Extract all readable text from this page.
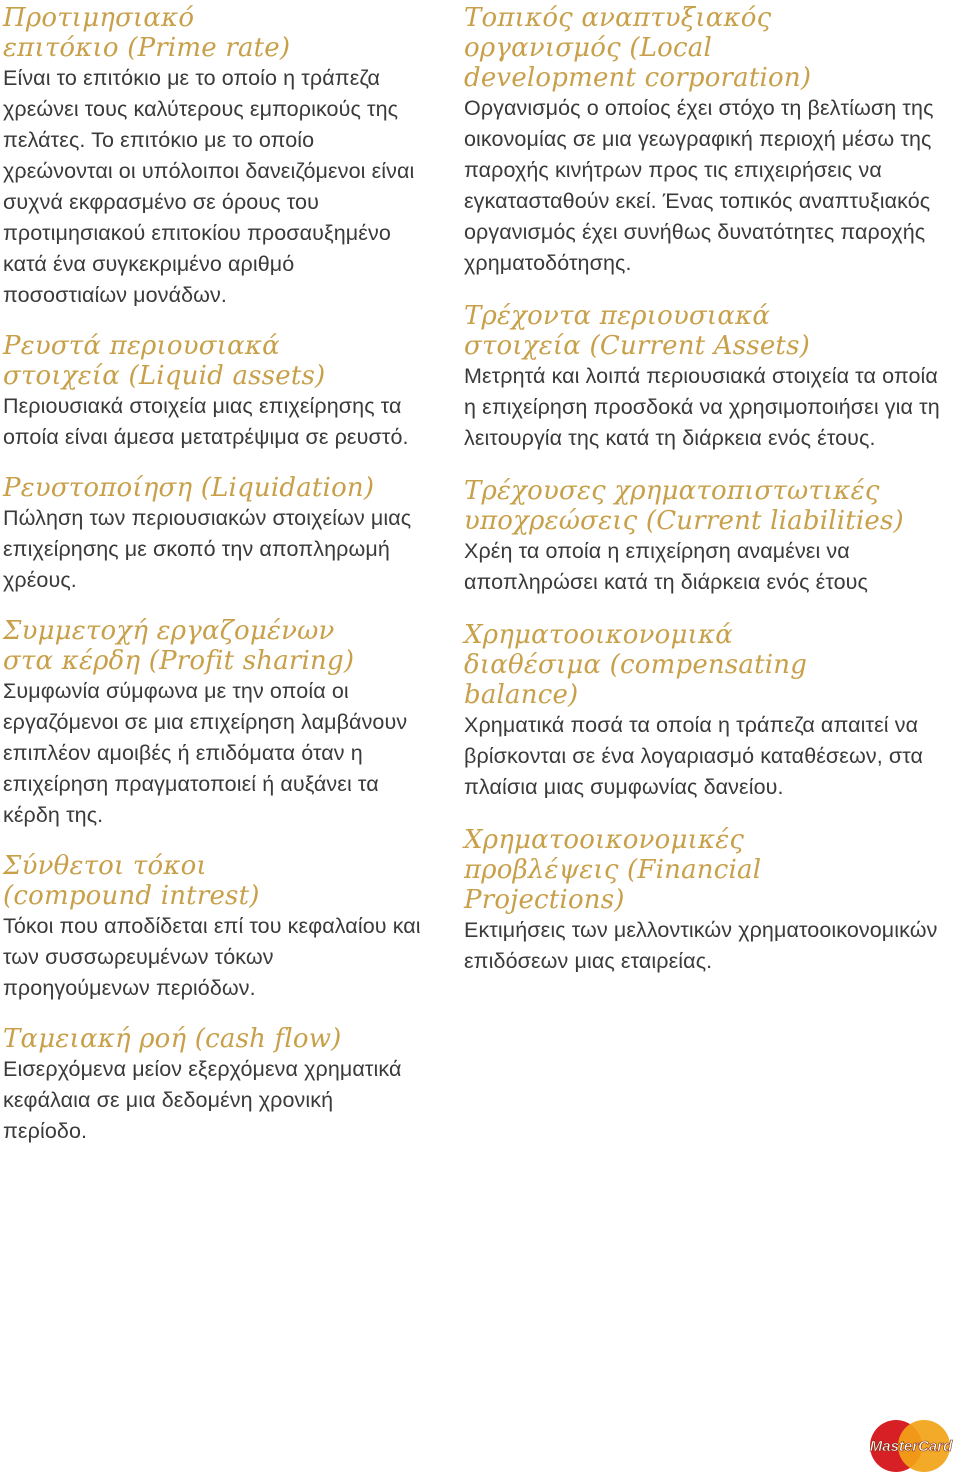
Προτιμησιακό επιτόκιο (Prime rate)

Είναι το επιτόκιο με το οποίο η τράπεζα χρεώνει τους καλύτερους εμπορικούς της πελάτες. Το επιτόκιο με το οποίο χρεώνονται οι υπόλοιποι δανειζόμενοι είναι συχνά εκφρασμένο σε όρους του προτιμησιακού επιτοκίου προσαυξημένο κατά ένα συγκεκριμένο αριθμό ποσοστιαίων μονάδων.

Ρευστά περιουσιακά στοιχεία (Liquid assets)

Περιουσιακά στοιχεία μιας επιχείρησης τα οποία είναι άμεσα μετατρέψιμα σε ρευστό.

Ρευστοποίηση (Liquidation)

Πώληση των περιουσιακών στοιχείων μιας επιχείρησης με σκοπό την αποπληρωμή χρέους.

Συμμετοχή εργαζομένων στα κέρδη (Profit sharing)

Συμφωνία σύμφωνα με την οποία οι εργαζόμενοι σε μια επιχείρηση λαμβάνουν επιπλέον αμοιβές ή επιδόματα όταν η επιχείρηση πραγματοποιεί ή αυξάνει τα κέρδη της.

Σύνθετοι τόκοι (compound intrest)

Τόκοι που αποδίδεται επί του κεφαλαίου και των συσσωρευμένων τόκων προηγούμενων περιόδων.

Ταμειακή ροή (cash flow)

Εισερχόμενα μείον εξερχόμενα χρηματικά κεφάλαια σε μια δεδομένη χρονική περίοδο.

Τοπικός αναπτυξιακός οργανισμός (Local development corporation)

Οργανισμός ο οποίος έχει στόχο τη βελτίωση της οικονομίας σε μια γεωγραφική περιοχή μέσω της παροχής κινήτρων προς τις επιχειρήσεις να εγκατασταθούν εκεί. Ένας τοπικός αναπτυξιακός οργανισμός έχει συνήθως δυνατότητες παροχής χρηματοδότησης.

Τρέχοντα περιουσιακά στοιχεία (Current Assets)

Μετρητά και λοιπά περιουσιακά στοιχεία τα οποία η επιχείρηση προσδοκά να χρησιμοποιήσει για τη λειτουργία της κατά τη διάρκεια ενός έτους.

Τρέχουσες χρηματοπιστωτικές υποχρεώσεις (Current liabilities)

Χρέη τα οποία η επιχείρηση αναμένει να αποπληρώσει κατά τη διάρκεια ενός έτους

Χρηματοοικονομικά διαθέσιμα (compensating balance)

Χρηματικά ποσά τα οποία η τράπεζα απαιτεί να βρίσκονται σε ένα λογαριασμό καταθέσεων, στα πλαίσια μιας συμφωνίας δανείου.

Χρηματοοικονομικές προβλέψεις (Financial Projections)

Εκτιμήσεις των μελλοντικών χρηματοοικονομικών επιδόσεων μιας εταιρείας.

MasterCard
